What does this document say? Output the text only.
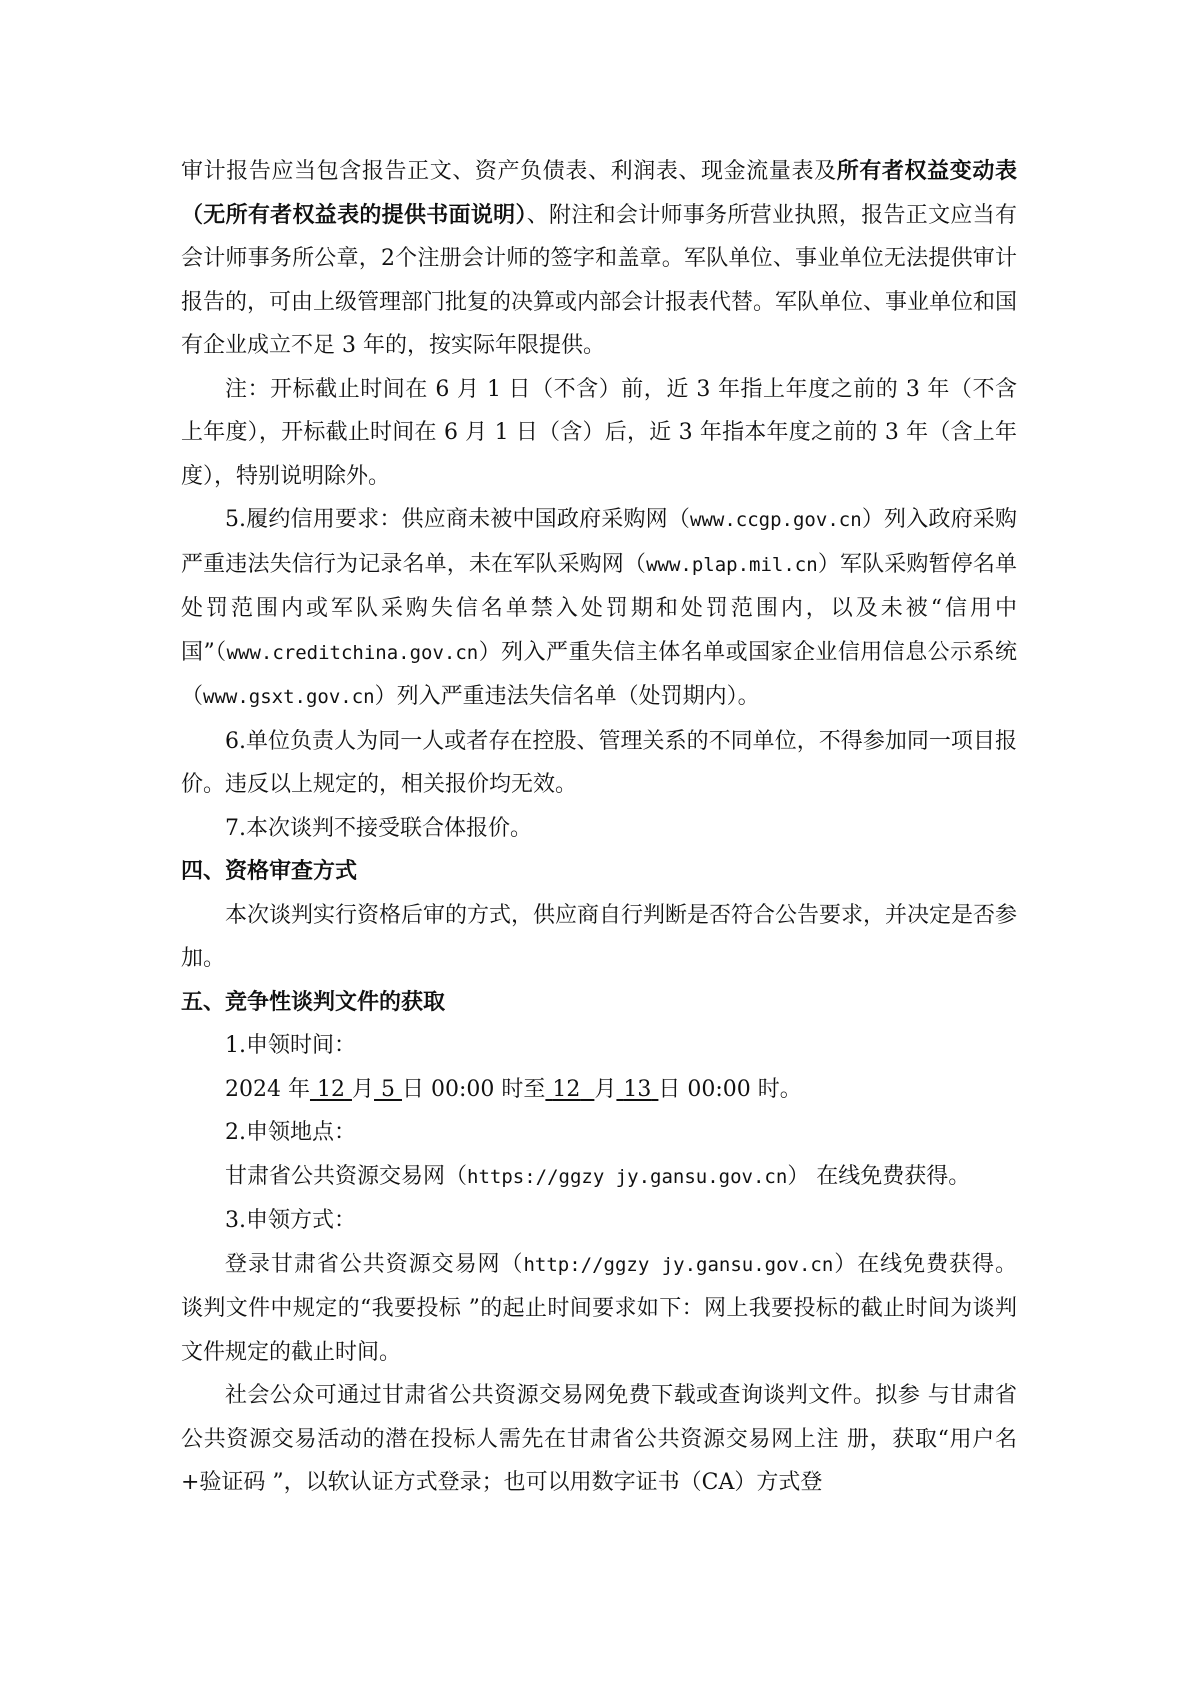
审计报告应当包含报告正文、资产负债表、利润表、现金流量表及所有者权益变动表（无所有者权益表的提供书面说明）、附注和会计师事务所营业执照，报告正文应当有会计师事务所公章，2个注册会计师的签字和盖章。军队单位、事业单位无法提供审计报告的，可由上级管理部门批复的决算或内部会计报表代替。军队单位、事业单位和国有企业成立不足 3 年的，按实际年限提供。

注：开标截止时间在 6 月 1 日（不含）前，近 3 年指上年度之前的 3 年（不含上年度），开标截止时间在 6 月 1 日（含）后，近 3 年指本年度之前的 3 年（含上年度），特别说明除外。

5.履约信用要求：供应商未被中国政府采购网（www.ccgp.gov.cn）列入政府采购严重违法失信行为记录名单，未在军队采购网（www.plap.mil.cn）军队采购暂停名单处罚范围内或军队采购失信名单禁入处罚期和处罚范围内，以及未被“信用中国”（www.creditchina.gov.cn）列入严重失信主体名单或国家企业信用信息公示系统（www.gsxt.gov.cn）列入严重违法失信名单（处罚期内）。

6.单位负责人为同一人或者存在控股、管理关系的不同单位，不得参加同一项目报价。违反以上规定的，相关报价均无效。

7.本次谈判不接受联合体报价。

四、资格审查方式

本次谈判实行资格后审的方式，供应商自行判断是否符合公告要求，并决定是否参加。

五、竞争性谈判文件的获取

1.申领时间：

2024 年 12 月 5 日 00:00 时至 12 月 13 日 00:00 时。

2.申领地点：

甘肃省公共资源交易网（https://ggzy jy.gansu.gov.cn） 在线免费获得。

3.申领方式：

登录甘肃省公共资源交易网（http://ggzy jy.gansu.gov.cn）在线免费获得。谈判文件中规定的“我要投标 ”的起止时间要求如下：网上我要投标的截止时间为谈判文件规定的截止时间。

社会公众可通过甘肃省公共资源交易网免费下载或查询谈判文件。拟参 与甘肃省公共资源交易活动的潜在投标人需先在甘肃省公共资源交易网上注 册，获取“用户名+验证码 ”，以软认证方式登录；也可以用数字证书（CA）方式登
